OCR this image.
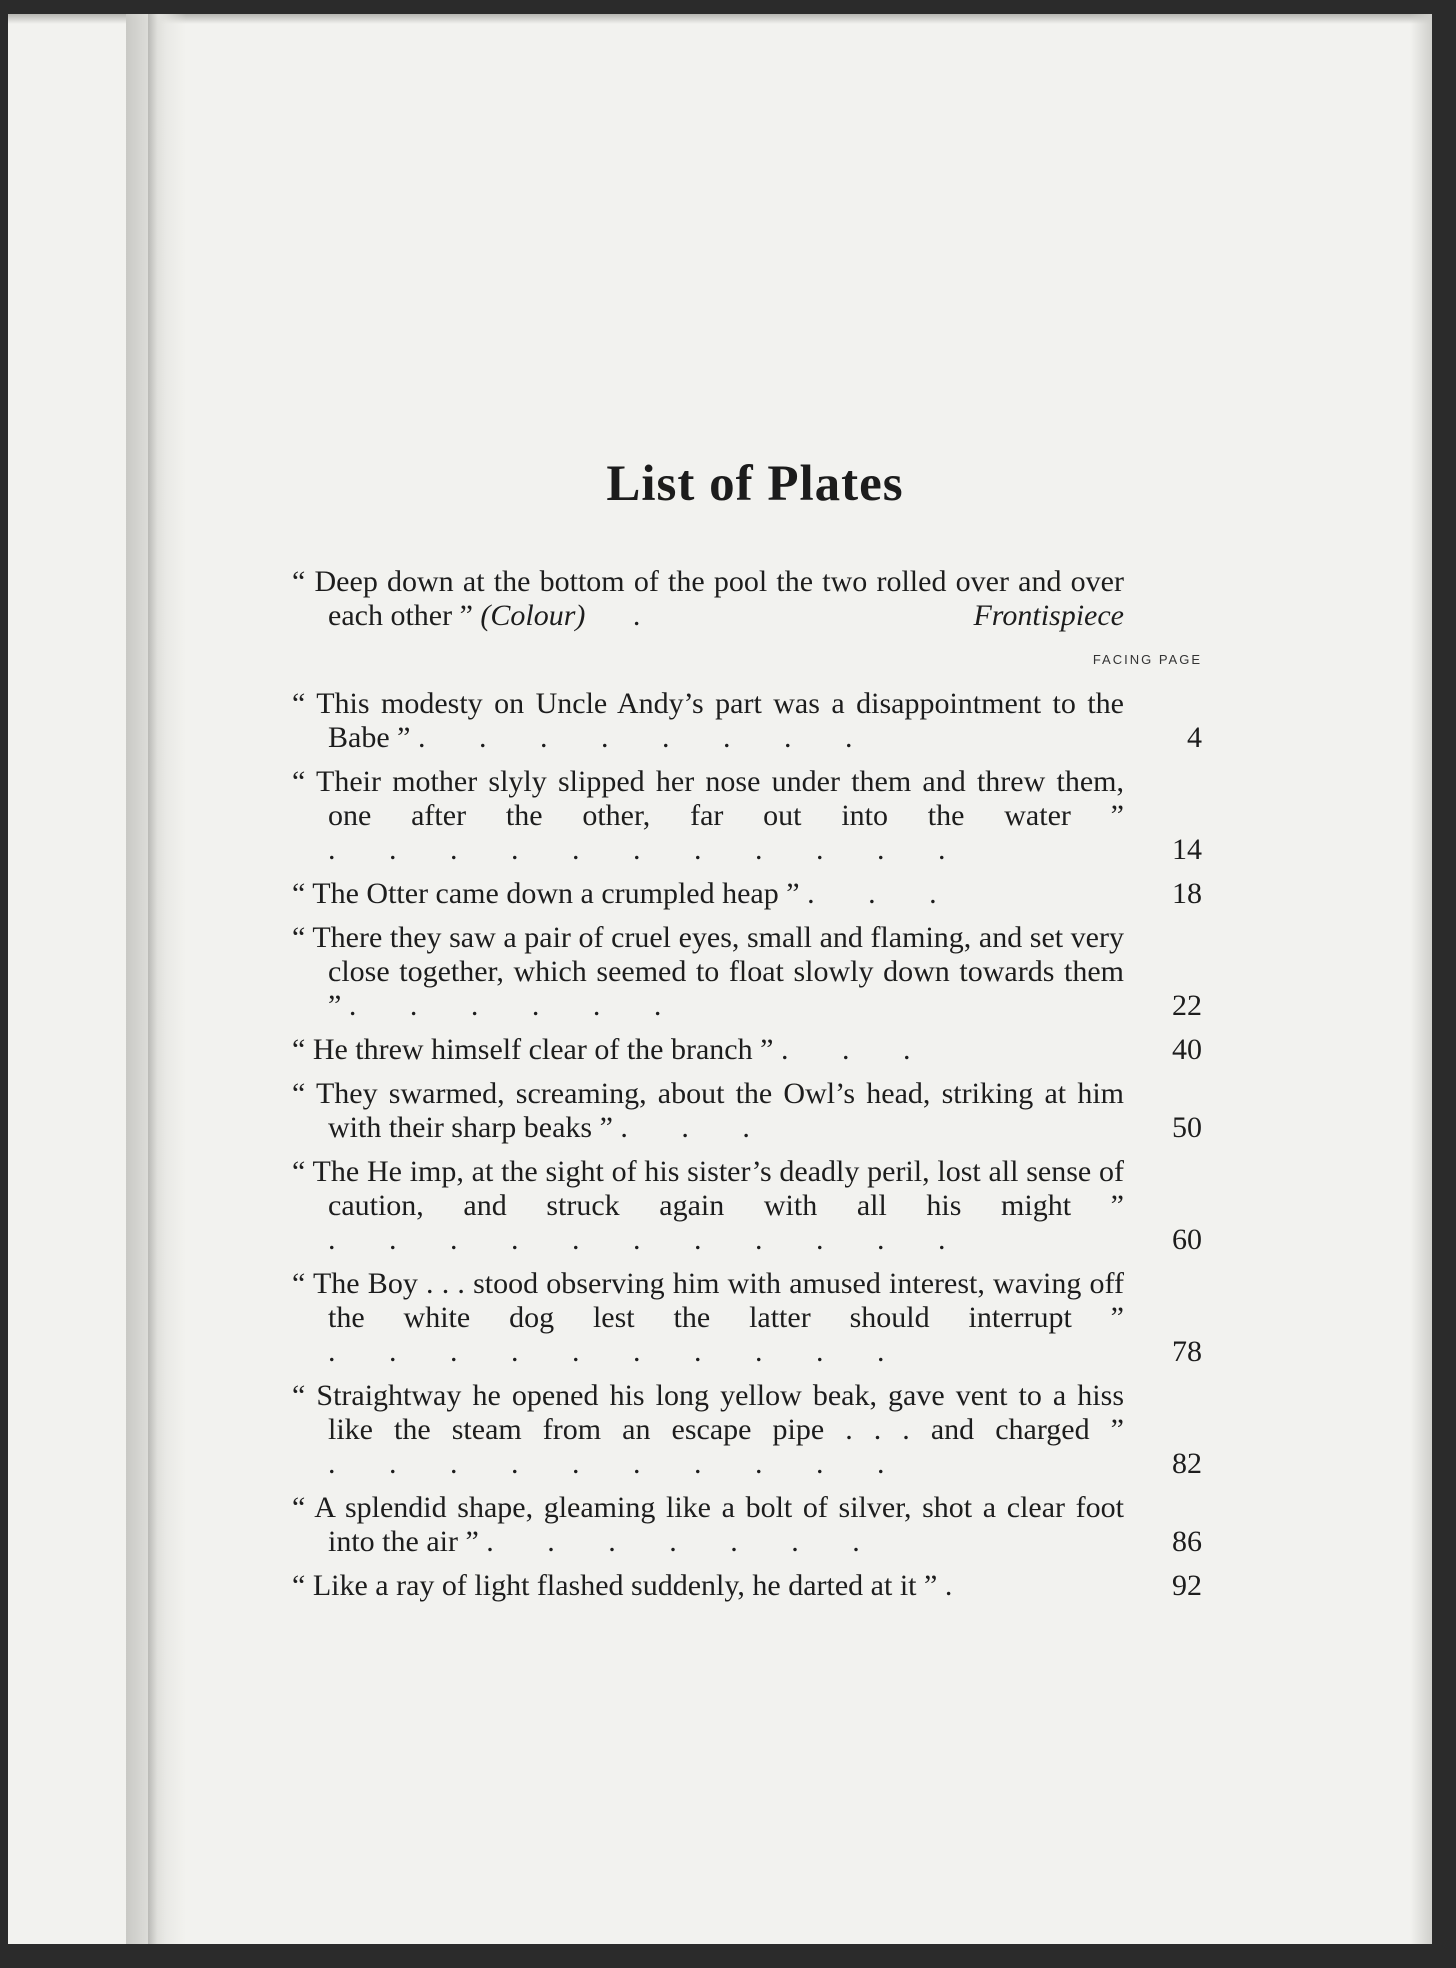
List of Plates
“ Deep down at the bottom of the pool the two rolled over and over each other ” (Colour) .	Frontispiece
FACING PAGE
“ This modesty on Uncle Andy’s part was a disappointment to the Babe ” . . . . . . . .	4
“ Their mother slyly slipped her nose under them and threw them, one after the other, far out into the water ” . . . . . . . . . . .	14
“ The Otter came down a crumpled heap ” . . .	18
“ There they saw a pair of cruel eyes, small and flaming, and set very close together, which seemed to float slowly down towards them ” . . . . . .	22
“ He threw himself clear of the branch ” . . .	40
“ They swarmed, screaming, about the Owl’s head, striking at him with their sharp beaks ” . . .	50
“ The He imp, at the sight of his sister’s deadly peril, lost all sense of caution, and struck again with all his might ” . . . . . . . . . . .	60
“ The Boy . . . stood observing him with amused interest, waving off the white dog lest the latter should interrupt ” . . . . . . . . . .	78
“ Straightway he opened his long yellow beak, gave vent to a hiss like the steam from an escape pipe . . . and charged ” . . . . . . . . . .	82
“ A splendid shape, gleaming like a bolt of silver, shot a clear foot into the air ” . . . . . . .	86
“ Like a ray of light flashed suddenly, he darted at it ” .	92
